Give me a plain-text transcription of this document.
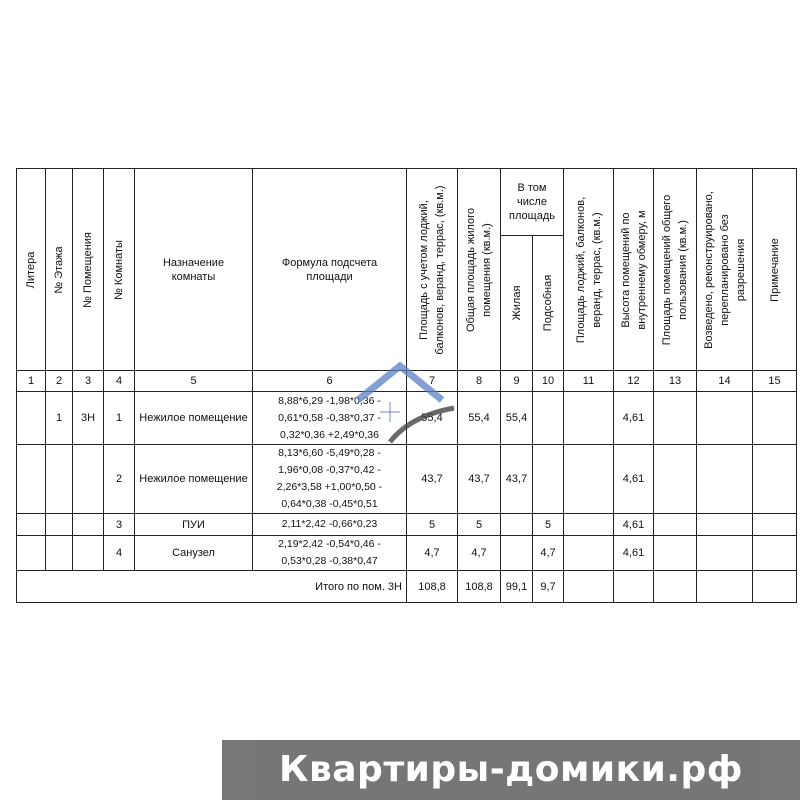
Литера	№ Этажа	№ Помещения	№ Комнаты	Назначение
комнаты	Формула подсчета
площади	Площадь с учетом лоджий,
балконов, веранд, террас, (кв.м.)	Общая площадь жилого
помещения (кв.м.)	В том
числе
площадь		Площадь лоджий, балконов,
веранд, террас, (кв.м.)	Высота помещений по
внутреннему обмеру, м	Площадь помещений общего
пользования (кв.м.)	Возведено, реконструировано,
перепланировано без
разрешения	Примечание

								Жилая	Подсобная					

1	2	3	4	5	6	7	8	9	10	11	12	13	14	15
	1	3Н	1	Нежилое помещение	8,88*6,29 -1,98*0,36 -
0,61*0,58 -0,38*0,37 -
0,32*0,36 +2,49*0,36	55,4	55,4	55,4			4,61			
			2	Нежилое помещение	8,13*6,60 -5,49*0,28 -
1,96*0,08 -0,37*0,42 -
2,26*3,58 +1,00*0,50 -
0,64*0,38 -0,45*0,51	43,7	43,7	43,7			4,61			
			3	ПУИ	2,11*2,42 -0,66*0,23	5	5		5		4,61			
			4	Санузел	2,19*2,42 -0,54*0,46 -
0,53*0,28 -0,38*0,47	4,7	4,7		4,7		4,61			
Итого по пом. 3Н						108,8	108,8	99,1	9,7					
Квартиры-домики.рф
